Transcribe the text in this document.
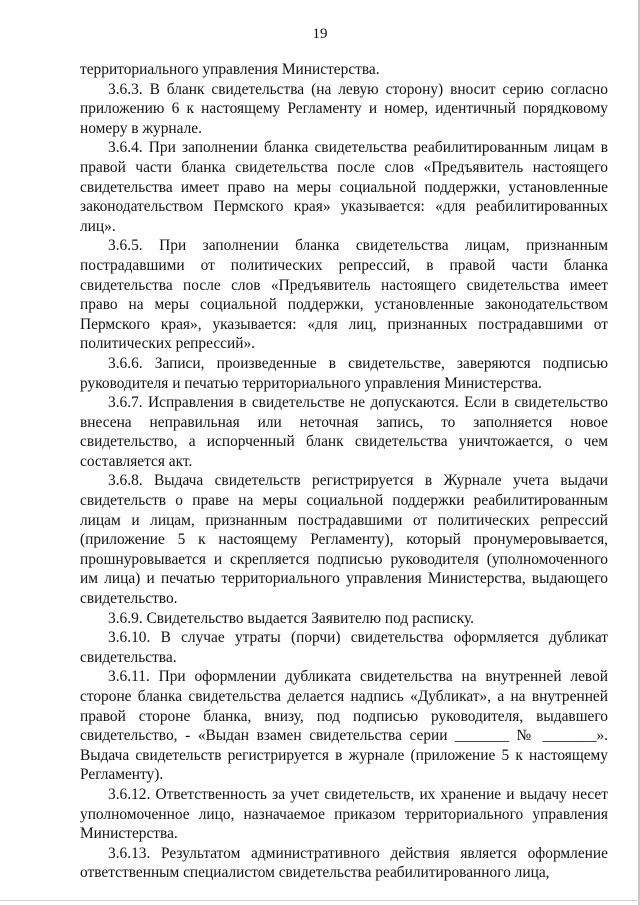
19

территориального управления Министерства.

3.6.3. В бланк свидетельства (на левую сторону) вносит серию согласно приложению 6 к настоящему Регламенту и номер, идентичный порядковому номеру в журнале.

3.6.4. При заполнении бланка свидетельства реабилитированным лицам в правой части бланка свидетельства после слов «Предъявитель настоящего свидетельства имеет право на меры социальной поддержки, установленные законодательством Пермского края» указывается: «для реабилитированных лиц».

3.6.5. При заполнении бланка свидетельства лицам, признанным пострадавшими от политических репрессий, в правой части бланка свидетельства после слов «Предъявитель настоящего свидетельства имеет право на меры социальной поддержки, установленные законодательством Пермского края», указывается: «для лиц, признанных пострадавшими от политических репрессий».

3.6.6. Записи, произведенные в свидетельстве, заверяются подписью руководителя и печатью территориального управления Министерства.

3.6.7. Исправления в свидетельстве не допускаются. Если в свидетельство внесена неправильная или неточная запись, то заполняется новое свидетельство, а испорченный бланк свидетельства уничтожается, о чем составляется акт.

3.6.8. Выдача свидетельств регистрируется в Журнале учета выдачи свидетельств о праве на меры социальной поддержки реабилитированным лицам и лицам, признанным пострадавшими от политических репрессий (приложение 5 к настоящему Регламенту), который пронумеровывается, прошнуровывается и скрепляется подписью руководителя (уполномоченного им лица) и печатью территориального управления Министерства, выдающего свидетельство.

3.6.9. Свидетельство выдается Заявителю под расписку.

3.6.10. В случае утраты (порчи) свидетельства оформляется дубликат свидетельства.

3.6.11. При оформлении дубликата свидетельства на внутренней левой стороне бланка свидетельства делается надпись «Дубликат», а на внутренней правой стороне бланка, внизу, под подписью руководителя, выдавшего свидетельство, - «Выдан взамен свидетельства серии _______ № _______». Выдача свидетельств регистрируется в журнале (приложение 5 к настоящему Регламенту).

3.6.12. Ответственность за учет свидетельств, их хранение и выдачу несет уполномоченное лицо, назначаемое приказом территориального управления Министерства.

3.6.13. Результатом административного действия является оформление ответственным специалистом свидетельства реабилитированного лица,
